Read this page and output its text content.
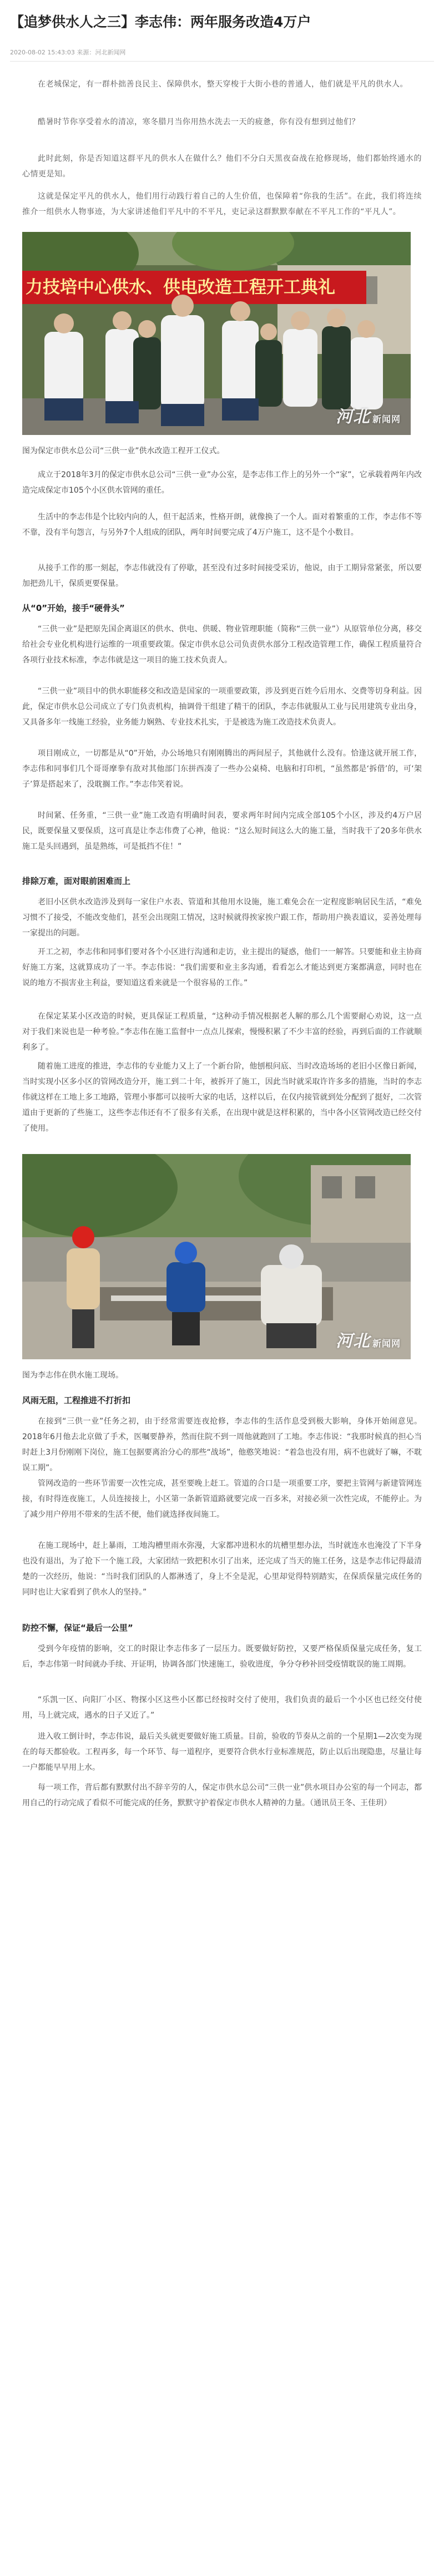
【追梦供水人之三】李志伟：两年服务改造4万户
2020-08-02 15:43:03 来源：河北新闻网

在老城保定，有一群朴拙善良民主、保障供水，整天穿梭于大街小巷的普通人，他们就是平凡的供水人。

酷暑时节你享受着水的清凉，寒冬腊月当你用热水洗去一天的疲惫，你有没有想到过他们？

此时此刻，你是否知道这群平凡的供水人在做什么？他们不分白天黑夜奋战在抢修现场，他们都始终通水的心情更是知。

这就是保定平凡的供水人，他们用行动践行着自己的人生价值，也保障着“你我的生活”。在此，我们将连续推介一组供水人物事迹，为大家讲述他们平凡中的不平凡，吏记录这群默默奉献在不平凡工作的“平凡人”。

力技培中心供水、供电改造工程开工典礼
河北 新闻网

图为保定市供水总公司“三供一业”供水改造工程开工仪式。

成立于2018年3月的保定市供水总公司“三供一业”办公室，是李志伟工作上的另外一个“家”，它承载着两年内改造完成保定市105个小区供水管网的重任。

生活中的李志伟是个比较内向的人，但干起活来，性格开朗，就像换了一个人。面对着繁重的工作，李志伟不等不靠，没有半句怨言，与另外7个人组成的团队，两年时间要完成了4万户施工，这不是个小数目。

从接手工作的那一刻起，李志伟就没有了停歇，甚至没有过多时间接受采访，他说，由于工期异常紧张，所以要加把劲儿干，保质更要保量。

从“0”开始，接手“硬骨头”

“三供一业”是把原先国企离退区的供水、供电、供暖、物业管理职能（简称“三供一业”）从原管单位分离，移交给社会专业化机构进行运维的一项重要政策。保定市供水总公司负责供水部分工程改造管理工作，确保工程质量符合各项行业技术标准，李志伟就是这一项目的施工技术负责人。

“三供一业”项目中的供水职能移交和改造是国家的一项重要政策，涉及到更百姓今后用水、交费等切身利益。因此，保定市供水总公司成立了专门负责机构，抽调骨干组建了精干的团队，李志伟就服从工业与民用建筑专业出身，又具备多年一线施工经验，业务能力娴熟、专业技术扎实，于是被选为施工改造技术负责人。

项目刚成立，一切都是从“0”开始，办公场地只有刚刚腾出的两间屋子，其他就什么没有。恰逢这就开展工作，李志伟和同事们几个哥哥摩拳有敌对其他部门东拼西凑了一些办公桌椅、电脑和打印机，“虽然都是‘拆借’的，可‘架子’算是搭起来了，没耽搁工作。”李志伟笑着说。

时间紧、任务重，“三供一业”施工改造有明确时间表，要求两年时间内完成全部105个小区，涉及约4万户居民，既要保量又要保质，这可真是让李志伟费了心神，他说：“这么短时间这么大的施工量，当时我干了20多年供水施工是头回遇到，虽是熟练，可是抵挡不住！”

排除万难，面对眼前困难而上

老旧小区供水改造涉及到每一家住户水表、管道和其他用水设施，施工难免会在一定程度影响居民生活，“难免习惯不了接受，不能改变他们，甚至会出现阻工情况，这时候就得挨家挨户跟工作，帮助用户换表道议，妥善处理每一家提出的问题。

开工之初，李志伟和同事们要对各个小区进行沟通和走访，业主提出的疑惑，他们一一解答。只要能和业主协商好施工方案，这就算成功了一半。李志伟说：“我们需要和业主多沟通，看看怎么才能达到更方案都满意，同时也在说的地方不损害业主利益，要知道这看来就是一个很容易的工作。”

在保定某某小区改造的时候，更具保证工程质量，“这种动手情况根据老人解的那么几个需要耐心劝说，这一点对于我们来说也是一种考验。”李志伟在施工监督中一点点儿探索，慢慢积累了不少丰富的经验，再到后面的工作就顺利多了。

随着施工进度的推进，李志伟的专业能力又上了一个新台阶，他刨根问底、当时改造场场的老旧小区像日新闻，当时实现小区多小区的管网改造分开，施工到二十年，被拆开了施工，因此当时就采取许许多多的措施，当时的李志伟就这样在工地上多工地路，管理小事都可以接听大家的电话，这样以后，在仅内接管就到处分配到了挺好，二次管道由于更新的了些施工，这些李志伟还有不了很多有关系，在出现中就是这样积累的，当中各小区管网改造已经交付了使用。

河北 新闻网

图为李志伟在供水施工现场。

风雨无阻，工程推进不打折扣

在接到“三供一业”任务之初，由于经常需要连夜抢修，李志伟的生活作息受到极大影响，身体开始闹意见。2018年6月他去北京做了手术，医嘱要静养，然而住院不到一周他就跑回了工地。李志伟说：“我那时候真的担心当时赶上3月份刚刚下岗位，施工包据要离治分心的那些“战场”，他憨笑地说：“着急也没有用，病不也就好了嘛，不耽误工期”。

管网改造的一些环节需要一次性完成，甚至要晚上赶工。管道的合口是一项重要工序，要把主管网与新建管网连接，有时得连夜施工，人员连接接上，小区第一条新管道路就要完成一百多米，对接必须一次性完成，不能停止。为了减少用户停用不带来的生活不便，他们就选择夜间施工。

在施工现场中，赶上暴雨，工地沟槽里雨水弥漫，大家都冲进积水的坑槽里想办法，当时就连水也淹没了下半身也没有退出，为了抢下一个施工段，大家团结一致把积水引了出来，还完成了当天的施工任务，这是李志伟记得最清楚的一次经历，他说：“当时我们团队的人都淋透了，身上不全是泥，心里却觉得特别踏实，在保质保量完成任务的同时也让大家看到了供水人的坚持。”

防控不懈，保证“最后一公里”

受到今年疫情的影响，交工的时限让李志伟多了一层压力。既要做好防控，又要严格保质保量完成任务，复工后，李志伟第一时间就办手续、开证明，协调各部门快速施工，验收进度，争分夺秒补回受疫情耽误的施工周期。

“乐凯一区、向阳厂小区、物探小区这些小区都已经按时交付了使用，我们负责的最后一个小区也已经交付使用，马上就完成，遇水的日子又近了。”

进入收工倒计时，李志伟说，最后关头就更要做好施工质量。目前，验收的节奏从之前的一个星期1—2次变为现在的每天都验收。工程再多，每一个环节、每一道程序，更要符合供水行业标准规范，防止以后出现隐患，尽量让每一户都能早早用上水。

每一项工作，背后都有默默付出不辞辛劳的人，保定市供水总公司“三供一业”供水项目办公室的每一个同志，都用自己的行动完成了看似不可能完成的任务，默默守护着保定市供水人精神的力量。（通讯员王冬、王佳玥）
